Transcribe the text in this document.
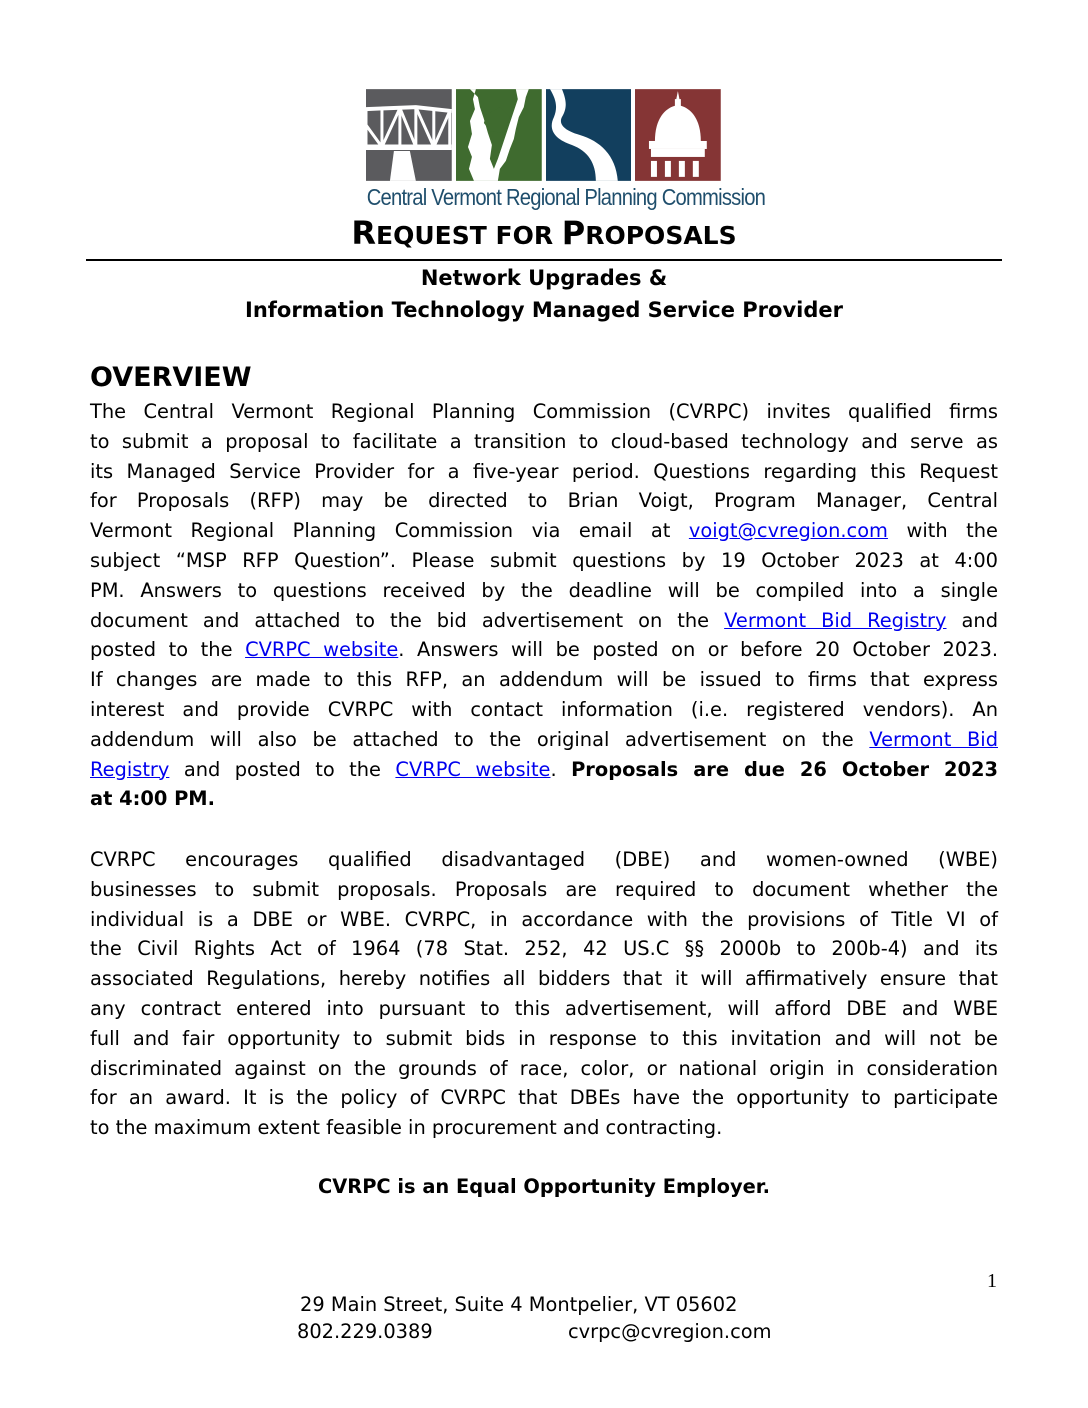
Central Vermont Regional Planning Commission
REQUEST FOR PROPOSALS
Network Upgrades &
Information Technology Managed Service Provider
OVERVIEW
The Central Vermont Regional Planning Commission (CVRPC) invites qualified firms
to submit a proposal to facilitate a transition to cloud-based technology and serve as
its Managed Service Provider for a five-year period. Questions regarding this Request
for Proposals (RFP) may be directed to Brian Voigt, Program Manager, Central
Vermont Regional Planning Commission via email at voigt@cvregion.com with the
subject “MSP RFP Question”. Please submit questions by 19 October 2023 at 4:00
PM. Answers to questions received by the deadline will be compiled into a single
document and attached to the bid advertisement on the Vermont Bid Registry and
posted to the CVRPC website. Answers will be posted on or before 20 October 2023.
If changes are made to this RFP, an addendum will be issued to firms that express
interest and provide CVRPC with contact information (i.e. registered vendors). An
addendum will also be attached to the original advertisement on the Vermont Bid
Registry and posted to the CVRPC website. Proposals are due 26 October 2023
at 4:00 PM.
CVRPC encourages qualified disadvantaged (DBE) and women-owned (WBE)
businesses to submit proposals. Proposals are required to document whether the
individual is a DBE or WBE. CVRPC, in accordance with the provisions of Title VI of
the Civil Rights Act of 1964 (78 Stat. 252, 42 US.C §§ 2000b to 200b-4) and its
associated Regulations, hereby notifies all bidders that it will affirmatively ensure that
any contract entered into pursuant to this advertisement, will afford DBE and WBE
full and fair opportunity to submit bids in response to this invitation and will not be
discriminated against on the grounds of race, color, or national origin in consideration
for an award. It is the policy of CVRPC that DBEs have the opportunity to participate
to the maximum extent feasible in procurement and contracting.
CVRPC is an Equal Opportunity Employer.
1
29 Main Street, Suite 4 Montpelier, VT 05602
802.229.0389	cvrpc@cvregion.com
